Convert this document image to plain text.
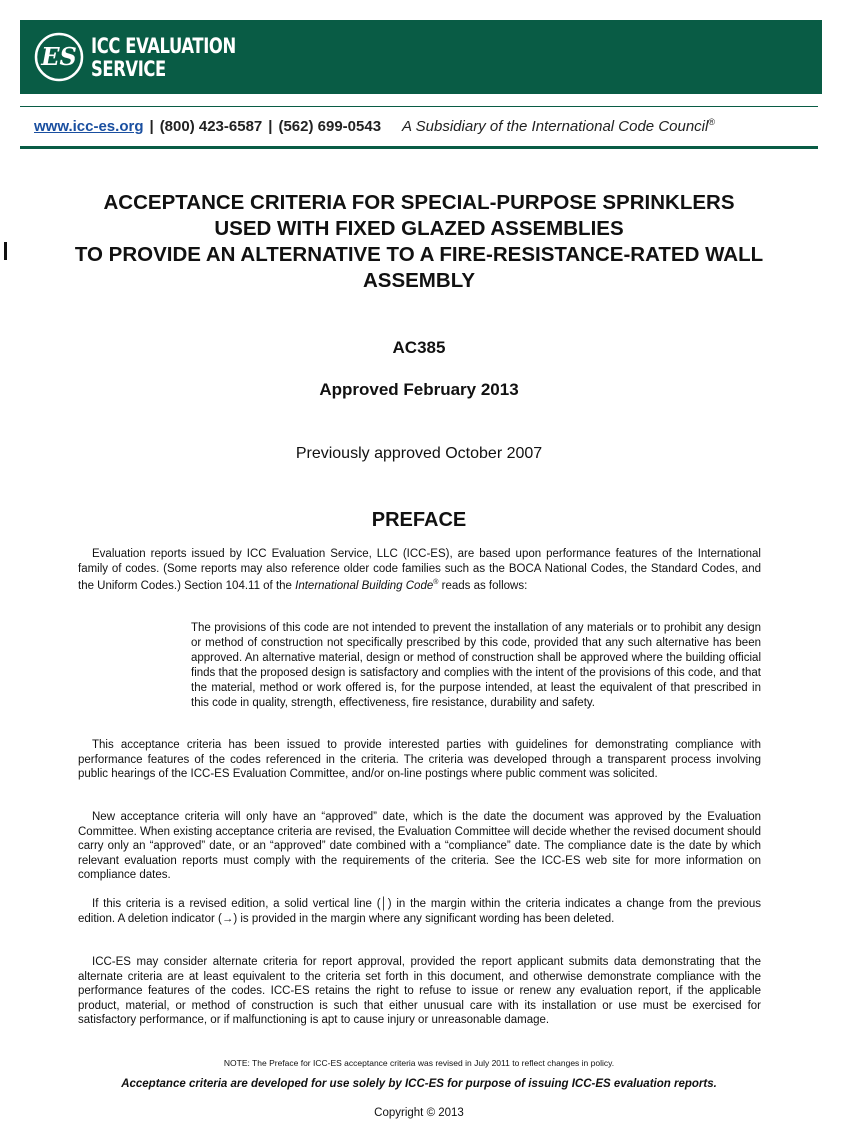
ES ICC EVALUATION
SERVICE
www.icc-es.org | (800) 423-6587 | (562) 699-0543 A Subsidiary of the International Code Council®
ACCEPTANCE CRITERIA FOR SPECIAL-PURPOSE SPRINKLERS
USED WITH FIXED GLAZED ASSEMBLIES
TO PROVIDE AN ALTERNATIVE TO A FIRE-RESISTANCE-RATED WALL
ASSEMBLY
AC385
Approved February 2013
Previously approved October 2007
PREFACE

Evaluation reports issued by ICC Evaluation Service, LLC (ICC-ES), are based upon performance features of the International family of codes. (Some reports may also reference older code families such as the BOCA National Codes, the Standard Codes, and the Uniform Codes.) Section 104.11 of the International Building Code® reads as follows:

The provisions of this code are not intended to prevent the installation of any materials or to prohibit any design or method of construction not specifically prescribed by this code, provided that any such alternative has been approved. An alternative material, design or method of construction shall be approved where the building official finds that the proposed design is satisfactory and complies with the intent of the provisions of this code, and that the material, method or work offered is, for the purpose intended, at least the equivalent of that prescribed in this code in quality, strength, effectiveness, fire resistance, durability and safety.

This acceptance criteria has been issued to provide interested parties with guidelines for demonstrating compliance with performance features of the codes referenced in the criteria. The criteria was developed through a transparent process involving public hearings of the ICC-ES Evaluation Committee, and/or on-line postings where public comment was solicited.

New acceptance criteria will only have an “approved” date, which is the date the document was approved by the Evaluation Committee. When existing acceptance criteria are revised, the Evaluation Committee will decide whether the revised document should carry only an “approved” date, or an “approved” date combined with a “compliance” date. The compliance date is the date by which relevant evaluation reports must comply with the requirements of the criteria. See the ICC-ES web site for more information on compliance dates.

If this criteria is a revised edition, a solid vertical line (│) in the margin within the criteria indicates a change from the previous edition. A deletion indicator (→) is provided in the margin where any significant wording has been deleted.

ICC-ES may consider alternate criteria for report approval, provided the report applicant submits data demonstrating that the alternate criteria are at least equivalent to the criteria set forth in this document, and otherwise demonstrate compliance with the performance features of the codes. ICC-ES retains the right to refuse to issue or renew any evaluation report, if the applicable product, material, or method of construction is such that either unusual care with its installation or use must be exercised for satisfactory performance, or if malfunctioning is apt to cause injury or unreasonable damage.

NOTE: The Preface for ICC-ES acceptance criteria was revised in July 2011 to reflect changes in policy.
Acceptance criteria are developed for use solely by ICC-ES for purpose of issuing ICC-ES evaluation reports.
Copyright © 2013
